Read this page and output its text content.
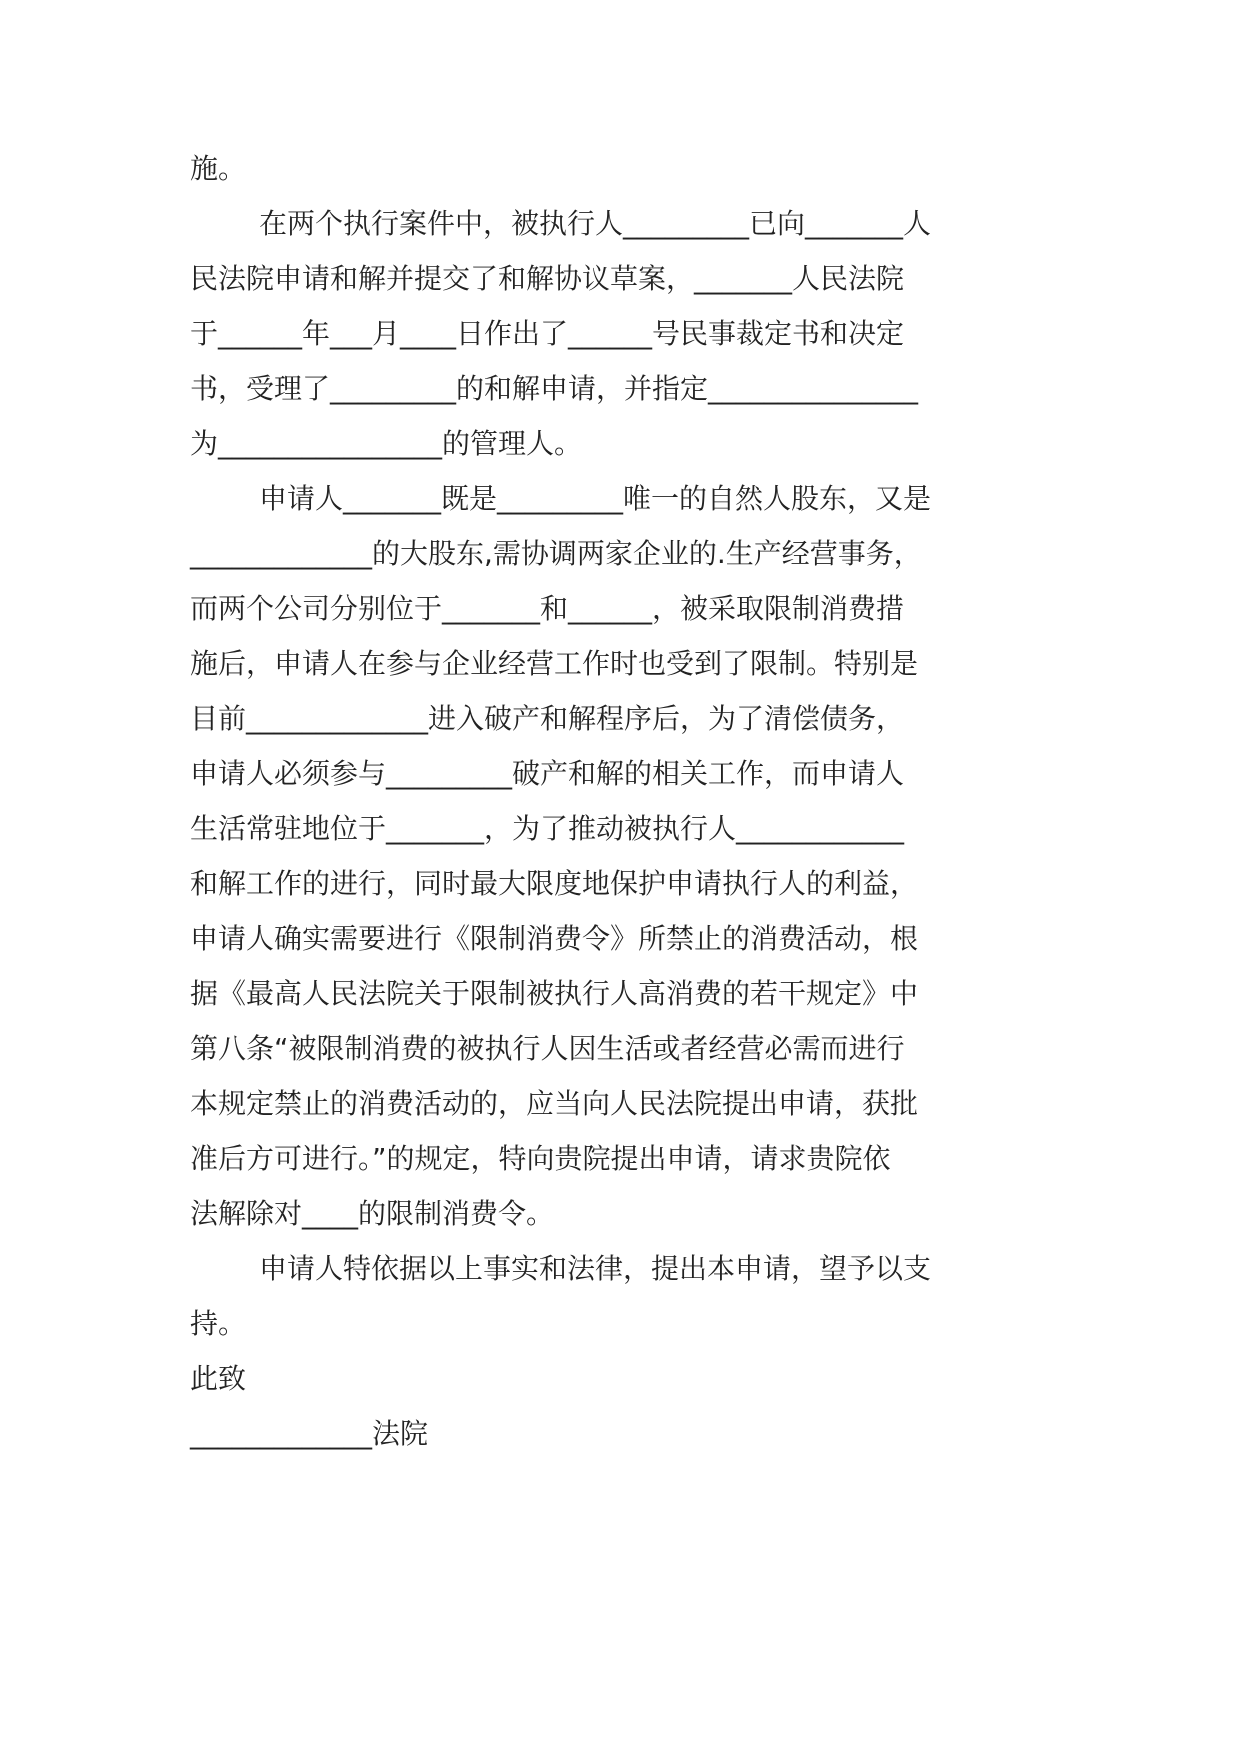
施。
在两个执行案件中，被执行人_________已向_______人
民法院申请和解并提交了和解协议草案，_______人民法院
于______年___月____日作出了______号民事裁定书和决定
书，受理了_________的和解申请，并指定_______________
为________________的管理人。
申请人_______既是_________唯一的自然人股东，又是
_____________的大股东,需协调两家企业的.生产经营事务，
而两个公司分别位于_______和______，被采取限制消费措
施后，申请人在参与企业经营工作时也受到了限制。特别是
目前_____________进入破产和解程序后，为了清偿债务，
申请人必须参与_________破产和解的相关工作，而申请人
生活常驻地位于_______，为了推动被执行人____________
和解工作的进行，同时最大限度地保护申请执行人的利益，
申请人确实需要进行《限制消费令》所禁止的消费活动，根
据《最高人民法院关于限制被执行人高消费的若干规定》中
第八条“被限制消费的被执行人因生活或者经营必需而进行
本规定禁止的消费活动的，应当向人民法院提出申请，获批
准后方可进行。”的规定，特向贵院提出申请，请求贵院依
法解除对____的限制消费令。
申请人特依据以上事实和法律，提出本申请，望予以支
持。
此致
_____________法院
